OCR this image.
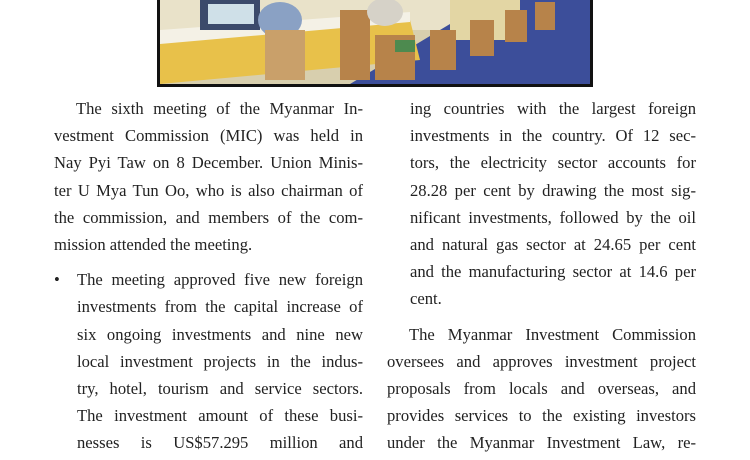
The sixth meeting of the Myanmar In-
vestment Commission (MIC) was held in
Nay Pyi Taw on 8 December. Union Minis-
ter U Mya Tun Oo, who is also chairman of
the commission, and members of the com-
mission attended the meeting.

• The meeting approved five new foreign
investments from the capital increase of
six ongoing investments and nine new
local investment projects in the indus-
try, hotel, tourism and service sectors.
The investment amount of these busi-
nesses is US$57.295 million and
ing countries with the largest foreign
investments in the country. Of 12 sec-
tors, the electricity sector accounts for
28.28 per cent by drawing the most sig-
nificant investments, followed by the oil
and natural gas sector at 24.65 per cent
and the manufacturing sector at 14.6 per
cent.

The Myanmar Investment Commission
oversees and approves investment project
proposals from locals and overseas, and
provides services to the existing investors
under the Myanmar Investment Law, re-
